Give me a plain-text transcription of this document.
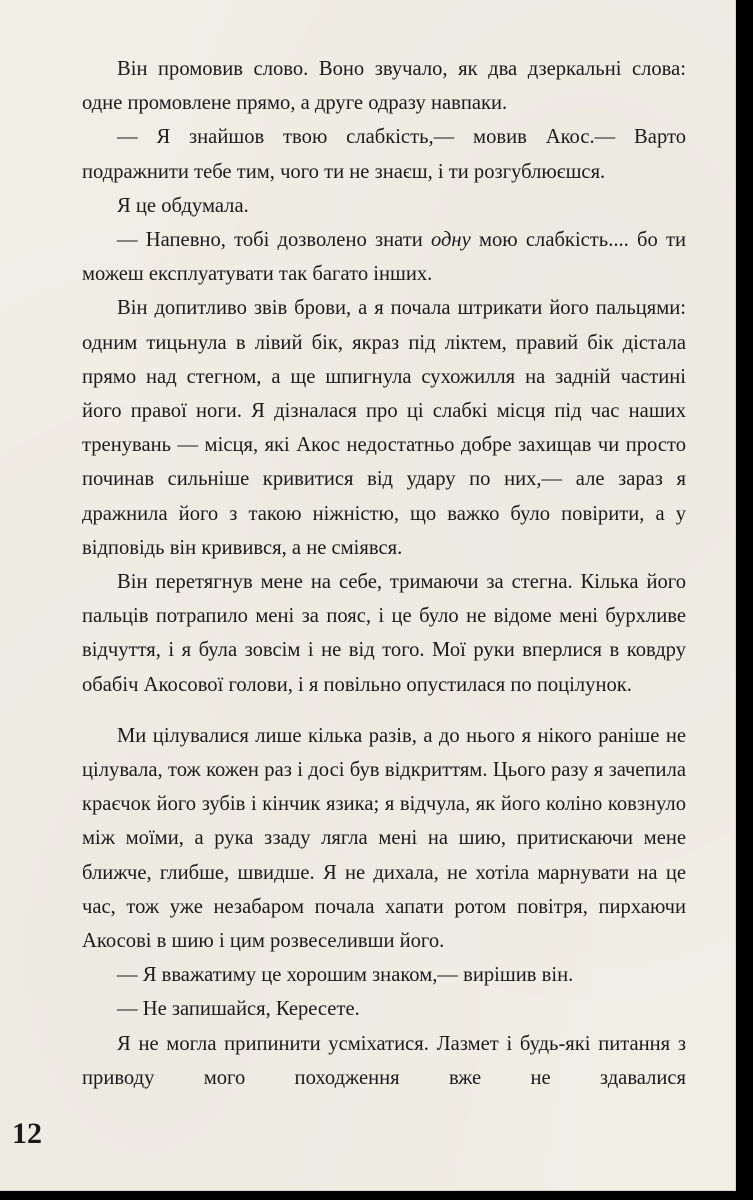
Він промовив слово. Воно звучало, як два дзеркальні слова: одне промовлене прямо, а друге одразу навпаки.

— Я знайшов твою слабкість,— мовив Акос.— Варто подражнити тебе тим, чого ти не знаєш, і ти розгублюєшся.

Я це обдумала.

— Напевно, тобі дозволено знати одну мою слабкість.... бо ти можеш експлуатувати так багато інших.

Він допитливо звів брови, а я почала штрикати його пальцями: одним тицьнула в лівий бік, якраз під ліктем, правий бік дістала прямо над стегном, а ще шпигнула сухожилля на задній частині його правої ноги. Я дізналася про ці слабкі місця під час наших тренувань — місця, які Акос недостатньо добре захищав чи просто починав сильніше кривитися від удару по них,— але зараз я дражнила його з такою ніжністю, що важко було повірити, а у відповідь він кривився, а не сміявся.

Він перетягнув мене на себе, тримаючи за стегна. Кілька його пальців потрапило мені за пояс, і це було не відоме мені бурхливе відчуття, і я була зовсім і не від того. Мої руки вперлися в ковдру обабіч Акосової голови, і я повільно опустилася по поцілунок.

Ми цілувалися лише кілька разів, а до нього я нікого раніше не цілувала, тож кожен раз і досі був відкриттям. Цього разу я зачепила краєчок його зубів і кінчик язика; я відчула, як його коліно ковзнуло між моїми, а рука ззаду лягла мені на шию, притискаючи мене ближче, глибше, швидше. Я не дихала, не хотіла марнувати на це час, тож уже незабаром почала хапати ротом повітря, пирхаючи Акосові в шию і цим розвеселивши його.

— Я вважатиму це хорошим знаком,— вирішив він.

— Не запишайся, Кересете.

Я не могла припинити усміхатися. Лазмет і будь-які питання з приводу мого походження вже не здавалися

12
